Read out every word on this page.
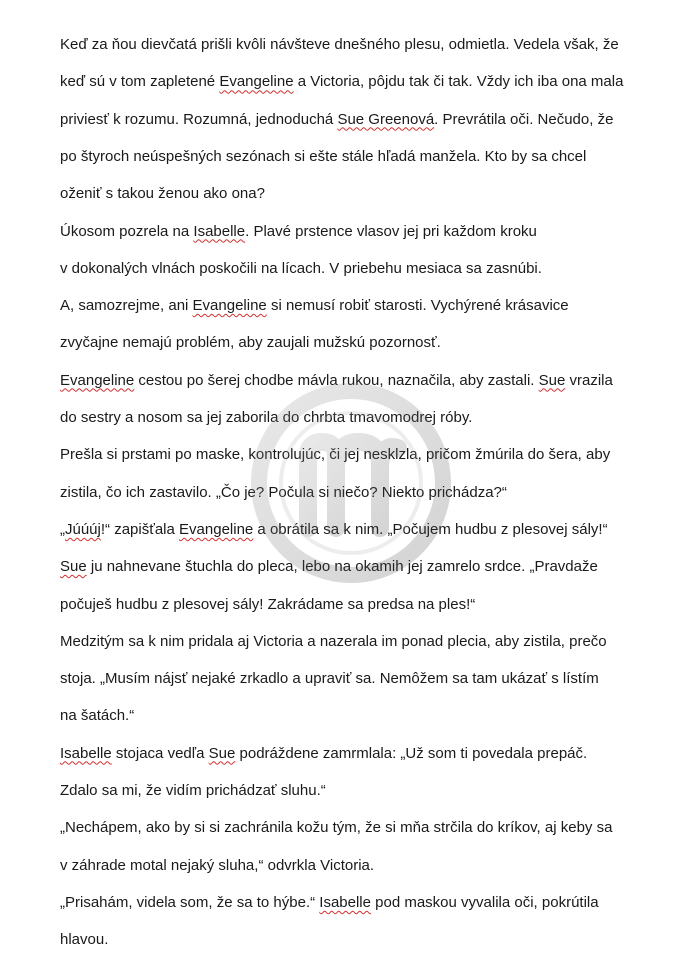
Keď za ňou dievčatá prišli kvôli návšteve dnešného plesu, odmietla. Vedela však, že
keď sú v tom zapletené Evangeline a Victoria, pôjdu tak či tak. Vždy ich iba ona mala
priviesť k rozumu. Rozumná, jednoduchá Sue Greenová. Prevrátila oči. Nečudo, že
po štyroch neúspešných sezónach si ešte stále hľadá manžela. Kto by sa chcel
oženiť s takou ženou ako ona?
Úkosom pozrela na Isabelle. Plavé prstence vlasov jej pri každom kroku
v dokonalých vlnách poskočili na lícach. V priebehu mesiaca sa zasnúbi.
A, samozrejme, ani Evangeline si nemusí robiť starosti. Vychýrené krásavice
zvyčajne nemajú problém, aby zaujali mužskú pozornosť.
Evangeline cestou po šerej chodbe mávla rukou, naznačila, aby zastali. Sue vrazila
do sestry a nosom sa jej zaborila do chrbta tmavomodrej róby.
Prešla si prstami po maske, kontrolujúc, či jej nesklzla, pričom žmúrila do šera, aby
zistila, čo ich zastavilo. „Čo je? Počula si niečo? Niekto prichádza?“
„Júúúj!“ zapišťala Evangeline a obrátila sa k nim. „Počujem hudbu z plesovej sály!“
Sue ju nahnevane štuchla do pleca, lebo na okamih jej zamrelo srdce. „Pravdaže
počuješ hudbu z plesovej sály! Zakrádame sa predsa na ples!“
Medzitým sa k nim pridala aj Victoria a nazerala im ponad plecia, aby zistila, prečo
stoja. „Musím nájsť nejaké zrkadlo a upraviť sa. Nemôžem sa tam ukázať s lístím
na šatách.“
Isabelle stojaca vedľa Sue podráždene zamrmlala: „Už som ti povedala prepáč.
Zdalo sa mi, že vidím prichádzať sluhu.“
„Nechápem, ako by si si zachránila kožu tým, že si mňa strčila do kríkov, aj keby sa
v záhrade motal nejaký sluha,“ odvrkla Victoria.
„Prisahám, videla som, že sa to hýbe.“ Isabelle pod maskou vyvalila oči, pokrútila
hlavou.
